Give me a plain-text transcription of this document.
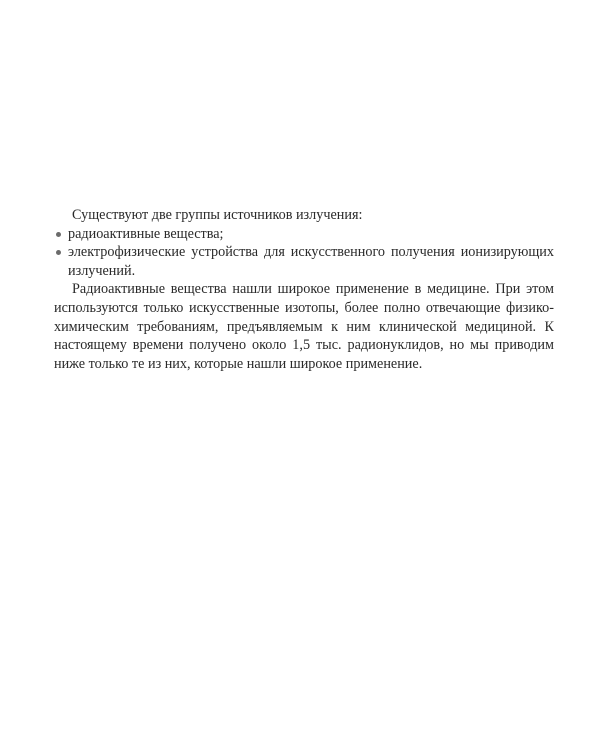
Существуют две группы источников излучения:

радиоактивные вещества;
электрофизические устройства для искусственного получения ионизирующих излучений.

Радиоактивные вещества нашли широкое применение в медицине. При этом используются только искусственные изотопы, более полно отвечающие физико-химическим требованиям, предъявляемым к ним клинической медициной. К настоящему времени получено около 1,5 тыс. радионуклидов, но мы приводим ниже только те из них, которые нашли широкое применение.
